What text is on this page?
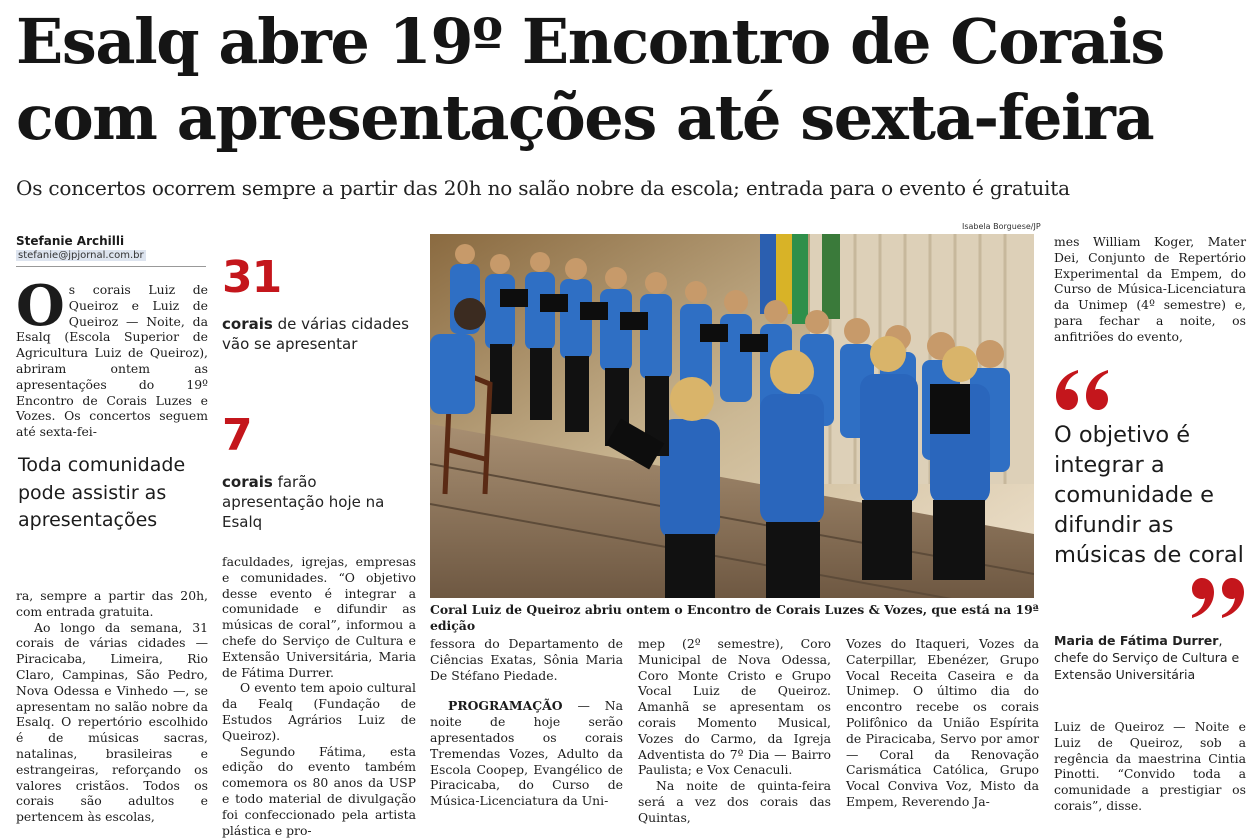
Esalq abre 19º Encontro de Corais com apresentações até sexta-feira

Os concertos ocorrem sempre a partir das 20h no salão nobre da escola; entrada para o evento é gratuita

Stefanie Archilli
stefanie@jpjornal.com.br
Os corais Luiz de Queiroz e Luiz de Queiroz — Noite, da Esalq (Escola Superior de Agricultura Luiz de Queiroz), abriram ontem as apresentações do 19º Encontro de Corais Luzes e Vozes. Os concertos seguem até sexta-fei-
31
corais de várias cidades vão se apresentar
7
corais farão apresentação hoje na Esalq
Toda comunidade pode assistir as apresentações

ra, sempre a partir das 20h, com entrada gratuita.

Ao longo da semana, 31 corais de várias cidades — Piracicaba, Limeira, Rio Claro, Campinas, São Pedro, Nova Odessa e Vinhedo —, se apresentam no salão nobre da Esalq. O repertório escolhido é de músicas sacras, natalinas, brasileiras e estrangeiras, reforçando os valores cristãos. Todos os corais são adultos e pertencem às escolas,

faculdades, igrejas, empresas e comunidades. “O objetivo desse evento é integrar a comunidade e difundir as músicas de coral”, informou a chefe do Serviço de Cultura e Extensão Universitária, Maria de Fátima Durrer.

O evento tem apoio cultural da Fealq (Fundação de Estudos Agrários Luiz de Queiroz).

Segundo Fátima, esta edição do evento também comemora os 80 anos da USP e todo material de divulgação foi confeccionado pela artista plástica e pro-

Isabela Borguese/JP
Coral Luiz de Queiroz abriu ontem o Encontro de Corais Luzes & Vozes, que está na 19ª edição

fessora do Departamento de Ciências Exatas, Sônia Maria De Stéfano Piedade.

PROGRAMAÇÃO — Na noite de hoje serão apresentados os corais Tremendas Vozes, Adulto da Escola Coopep, Evangélico de Piracicaba, do Curso de Música-Licenciatura da Uni-

mep (2º semestre), Coro Municipal de Nova Odessa, Coro Monte Cristo e Grupo Vocal Luiz de Queiroz. Amanhã se apresentam os corais Momento Musical, Vozes do Carmo, da Igreja Adventista do 7º Dia — Bairro Paulista; e Vox Cenaculi.

Na noite de quinta-feira será a vez dos corais das Quintas,

Vozes do Itaqueri, Vozes da Caterpillar, Ebenézer, Grupo Vocal Receita Caseira e da Unimep. O último dia do encontro recebe os corais Polifônico da União Espírita de Piracicaba, Servo por amor — Coral da Renovação Carismática Católica, Grupo Vocal Conviva Voz, Misto da Empem, Reverendo Ja-

mes William Koger, Mater Dei, Conjunto de Repertório Experimental da Empem, do Curso de Música-Licenciatura da Unimep (4º semestre) e, para fechar a noite, os anfitriões do evento,

O objetivo é integrar a comunidade e difundir as músicas de coral
Maria de Fátima Durrer, chefe do Serviço de Cultura e Extensão Universitária

Luiz de Queiroz — Noite e Luiz de Queiroz, sob a regência da maestrina Cintia Pinotti. “Convido toda a comunidade a prestigiar os corais”, disse.
